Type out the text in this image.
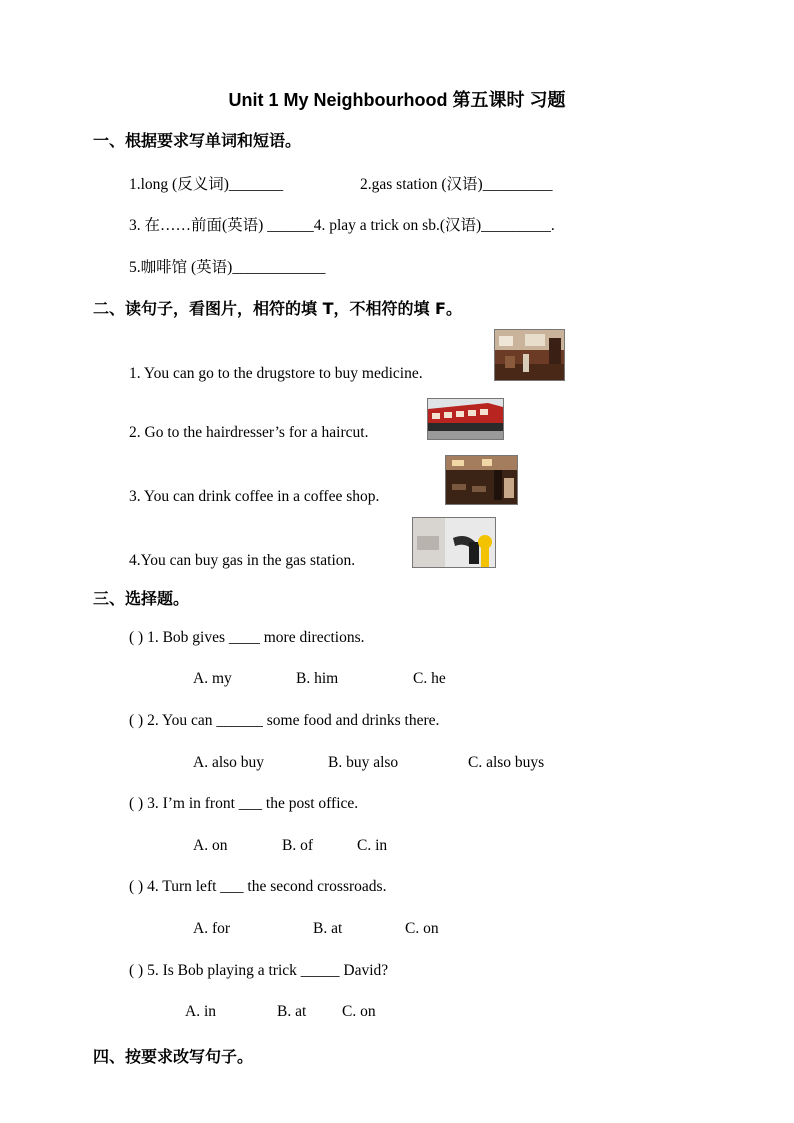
Unit 1 My Neighbourhood 第五课时 习题
一、根据要求写单词和短语。
1.long (反义词)_______	2.gas station (汉语)_________
3. 在……前面(英语) ______4. play a trick on sb.(汉语)_________.
5.咖啡馆 (英语)____________
二、读句子，看图片，相符的填 T，不相符的填 F。
1. You can go to the drugstore to buy medicine.
2. Go to the hairdresser’s for a haircut.
3. You can drink coffee in a coffee shop.
4.You can buy gas in the gas station.
三、选择题。
( ) 1. Bob gives ____ more directions.
A. my	B. him	C. he
( ) 2. You can ______ some food and drinks there.
A. also buy	B. buy also	C. also buys
( ) 3. I’m in front ___ the post office.
A. on	B. of	C. in
( ) 4. Turn left ___ the second crossroads.
A. for	B. at	C. on
( ) 5. Is Bob playing a trick _____ David?
A. in	B. at C. on
四、按要求改写句子。
